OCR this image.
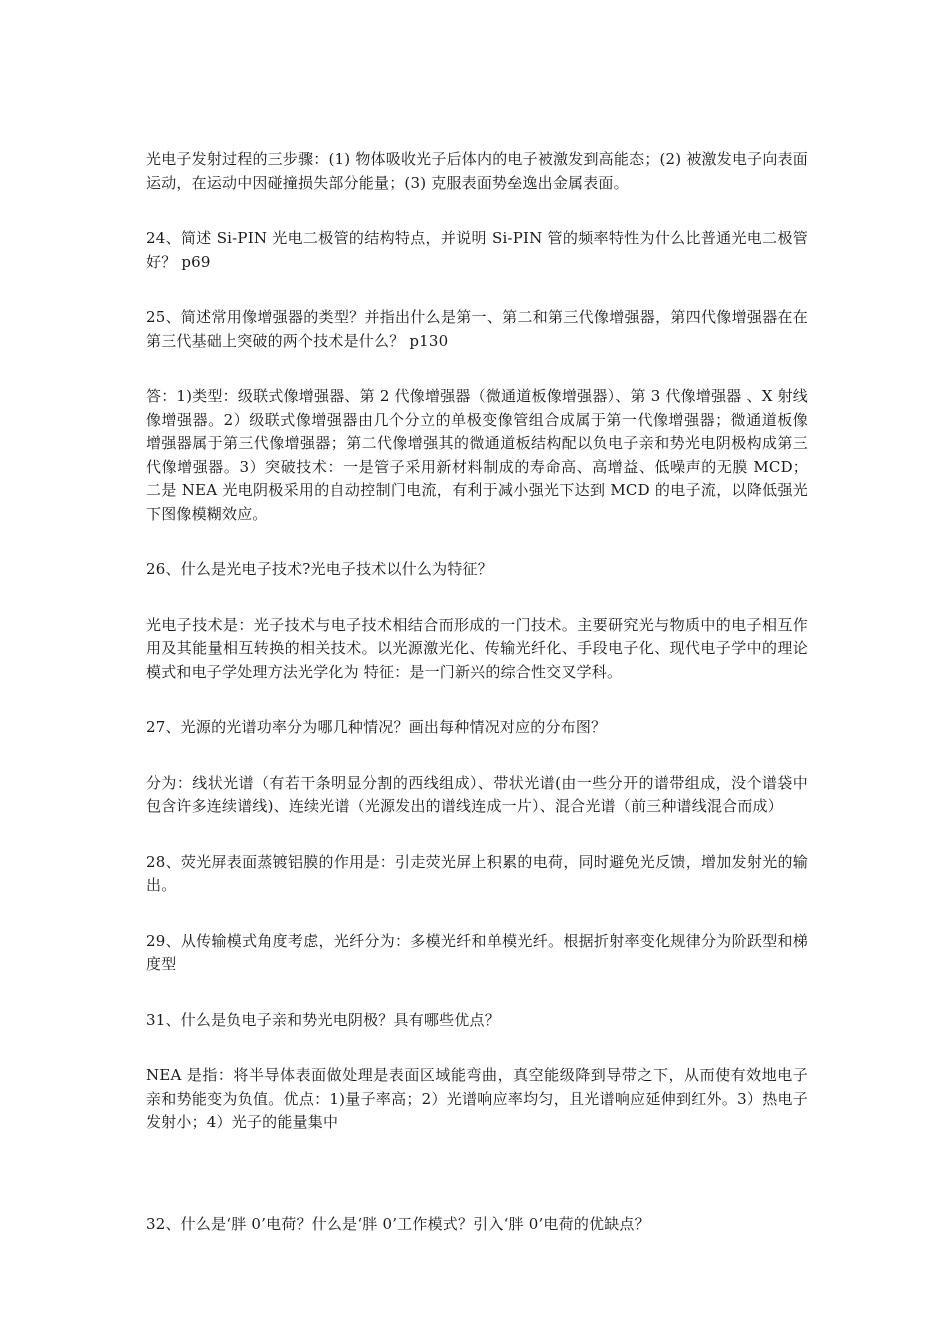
光电子发射过程的三步骤：(1) 物体吸收光子后体内的电子被激发到高能态；(2) 被激发电子向表面运动，在运动中因碰撞损失部分能量；(3) 克服表面势垒逸出金属表面。

24、简述 Si-PIN 光电二极管的结构特点，并说明 Si-PIN 管的频率特性为什么比普通光电二极管好？ p69

25、简述常用像增强器的类型？并指出什么是第一、第二和第三代像增强器，第四代像增强器在在第三代基础上突破的两个技术是什么？ p130

答：1)类型：级联式像增强器、第 2 代像增强器（微通道板像增强器）、第 3 代像增强器 、X 射线像增强器。2）级联式像增强器由几个分立的单极变像管组合成属于第一代像增强器；微通道板像增强器属于第三代像增强器；第二代像增强其的微通道板结构配以负电子亲和势光电阴极构成第三代像增强器。3）突破技术：一是管子采用新材料制成的寿命高、高增益、低噪声的无膜 MCD；二是 NEA 光电阴极采用的自动控制门电流，有利于减小强光下达到 MCD 的电子流，以降低强光下图像模糊效应。

26、什么是光电子技术?光电子技术以什么为特征？

光电子技术是：光子技术与电子技术相结合而形成的一门技术。主要研究光与物质中的电子相互作用及其能量相互转换的相关技术。以光源激光化、传输光纤化、手段电子化、现代电子学中的理论模式和电子学处理方法光学化为 特征：是一门新兴的综合性交叉学科。

27、光源的光谱功率分为哪几种情况？画出每种情况对应的分布图？

分为：线状光谱（有若干条明显分割的西线组成）、带状光谱(由一些分开的谱带组成，没个谱袋中包含许多连续谱线)、连续光谱（光源发出的谱线连成一片）、混合光谱（前三种谱线混合而成）

28、荧光屏表面蒸镀铝膜的作用是：引走荧光屏上积累的电荷，同时避免光反馈，增加发射光的输出。

29、从传输模式角度考虑，光纤分为：多模光纤和单模光纤。根据折射率变化规律分为阶跃型和梯度型

31、什么是负电子亲和势光电阴极？具有哪些优点？

NEA 是指：将半导体表面做处理是表面区域能弯曲，真空能级降到导带之下，从而使有效地电子亲和势能变为负值。优点：1)量子率高；2）光谱响应率均匀，且光谱响应延伸到红外。3）热电子发射小；4）光子的能量集中

32、什么是‘胖 0’电荷？什么是‘胖 0’工作模式？引入‘胖 0’电荷的优缺点？
